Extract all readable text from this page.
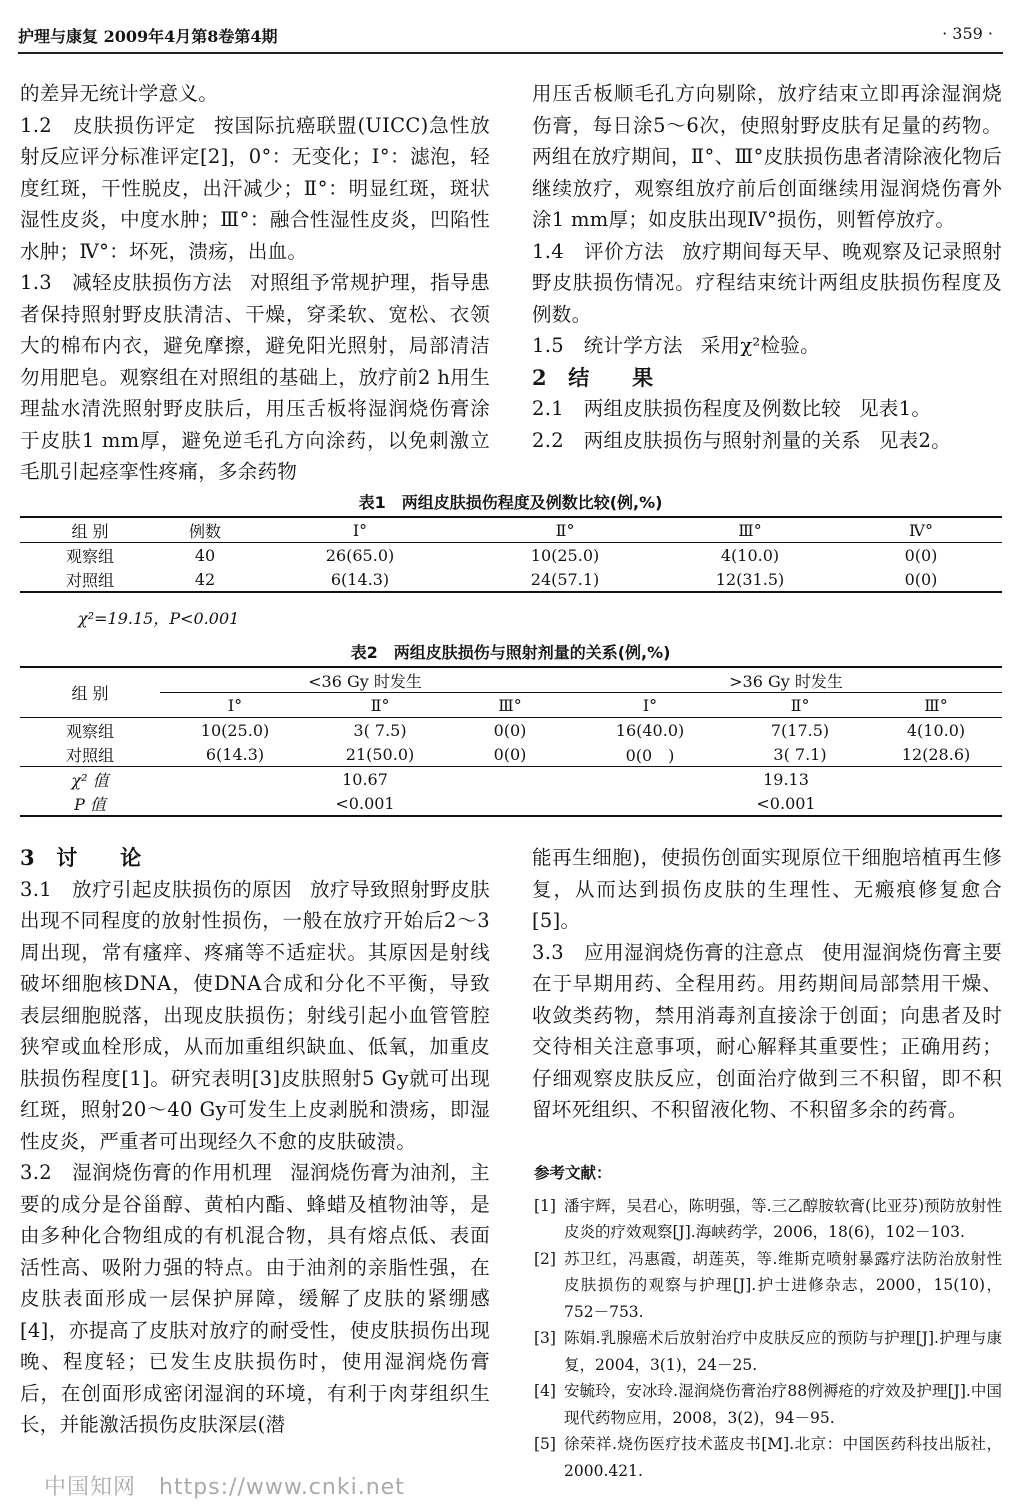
护理与康复 2009年4月第8卷第4期	· 359 ·

的差异无统计学意义。

1.2　皮肤损伤评定 按国际抗癌联盟(UICC)急性放射反应评分标准评定[2]，0°：无变化；Ⅰ°：滤泡，轻度红斑，干性脱皮，出汗减少；Ⅱ°：明显红斑，斑状湿性皮炎，中度水肿；Ⅲ°：融合性湿性皮炎，凹陷性水肿；Ⅳ°：坏死，溃疡，出血。

1.3　减轻皮肤损伤方法 对照组予常规护理，指导患者保持照射野皮肤清洁、干燥，穿柔软、宽松、衣领大的棉布内衣，避免摩擦，避免阳光照射，局部清洁勿用肥皂。观察组在对照组的基础上，放疗前2 h用生理盐水清洗照射野皮肤后，用压舌板将湿润烧伤膏涂于皮肤1 mm厚，避免逆毛孔方向涂药，以免刺激立毛肌引起痉挛性疼痛，多余药物

用压舌板顺毛孔方向剔除，放疗结束立即再涂湿润烧伤膏，每日涂5～6次，使照射野皮肤有足量的药物。两组在放疗期间，Ⅱ°、Ⅲ°皮肤损伤患者清除液化物后继续放疗，观察组放疗前后创面继续用湿润烧伤膏外涂1 mm厚；如皮肤出现Ⅳ°损伤，则暂停放疗。

1.4　评价方法 放疗期间每天早、晚观察及记录照射野皮肤损伤情况。疗程结束统计两组皮肤损伤程度及例数。

1.5　统计学方法 采用χ²检验。

2　结　　果

2.1　两组皮肤损伤程度及例数比较 见表1。

2.2　两组皮肤损伤与照射剂量的关系 见表2。

表1　两组皮肤损伤程度及例数比较(例,%)
组 别	例数	Ⅰ°	Ⅱ°	Ⅲ°	Ⅳ°
观察组	40	26(65.0)	10(25.0)	4(10.0)	0(0)
对照组	42	6(14.3)	24(57.1)	12(31.5)	0(0)
χ²=19.15，P<0.001
表2　两组皮肤损伤与照射剂量的关系(例,%)
组 别	<36 Gy 时发生			>36 Gy 时发生		
	Ⅰ°	Ⅱ°	Ⅲ°	Ⅰ°	Ⅱ°	Ⅲ°
观察组	10(25.0)	3( 7.5)	0(0)	16(40.0)	7(17.5)	4(10.0)
对照组	6(14.3)	21(50.0)	0(0)	0(0　)	3( 7.1)	12(28.6)
χ² 值	10.67			19.13		
P 值	<0.001			<0.001		

3　讨　　论

3.1　放疗引起皮肤损伤的原因 放疗导致照射野皮肤出现不同程度的放射性损伤，一般在放疗开始后2～3周出现，常有瘙痒、疼痛等不适症状。其原因是射线破坏细胞核DNA，使DNA合成和分化不平衡，导致表层细胞脱落，出现皮肤损伤；射线引起小血管管腔狭窄或血栓形成，从而加重组织缺血、低氧，加重皮肤损伤程度[1]。研究表明[3]皮肤照射5 Gy就可出现红斑，照射20～40 Gy可发生上皮剥脱和溃疡，即湿性皮炎，严重者可出现经久不愈的皮肤破溃。

3.2　湿润烧伤膏的作用机理 湿润烧伤膏为油剂，主要的成分是谷甾醇、黄柏内酯、蜂蜡及植物油等，是由多种化合物组成的有机混合物，具有熔点低、表面活性高、吸附力强的特点。由于油剂的亲脂性强，在皮肤表面形成一层保护屏障，缓解了皮肤的紧绷感[4]，亦提高了皮肤对放疗的耐受性，使皮肤损伤出现晚、程度轻；已发生皮肤损伤时，使用湿润烧伤膏后，在创面形成密闭湿润的环境，有利于肉芽组织生长，并能激活损伤皮肤深层(潜

能再生细胞)，使损伤创面实现原位干细胞培植再生修复，从而达到损伤皮肤的生理性、无瘢痕修复愈合[5]。

3.3　应用湿润烧伤膏的注意点 使用湿润烧伤膏主要在于早期用药、全程用药。用药期间局部禁用干燥、收敛类药物，禁用消毒剂直接涂于创面；向患者及时交待相关注意事项，耐心解释其重要性；正确用药；仔细观察皮肤反应，创面治疗做到三不积留，即不积留坏死组织、不积留液化物、不积留多余的药膏。

参考文献：
[1] 潘宇辉，吴君心，陈明强，等.三乙醇胺软膏(比亚芬)预防放射性皮炎的疗效观察[J].海峡药学，2006，18(6)，102－103.
[2] 苏卫红，冯惠霞，胡莲英，等.维斯克喷射暴露疗法防治放射性皮肤损伤的观察与护理[J].护士进修杂志，2000，15(10)，752－753.
[3] 陈娟.乳腺癌术后放射治疗中皮肤反应的预防与护理[J].护理与康复，2004，3(1)，24－25.
[4] 安毓玲，安冰玲.湿润烧伤膏治疗88例褥疮的疗效及护理[J].中国现代药物应用，2008，3(2)，94－95.
[5] 徐荣祥.烧伤医疗技术蓝皮书[M].北京：中国医药科技出版社，2000.421.
中国知网　https://www.cnki.net
